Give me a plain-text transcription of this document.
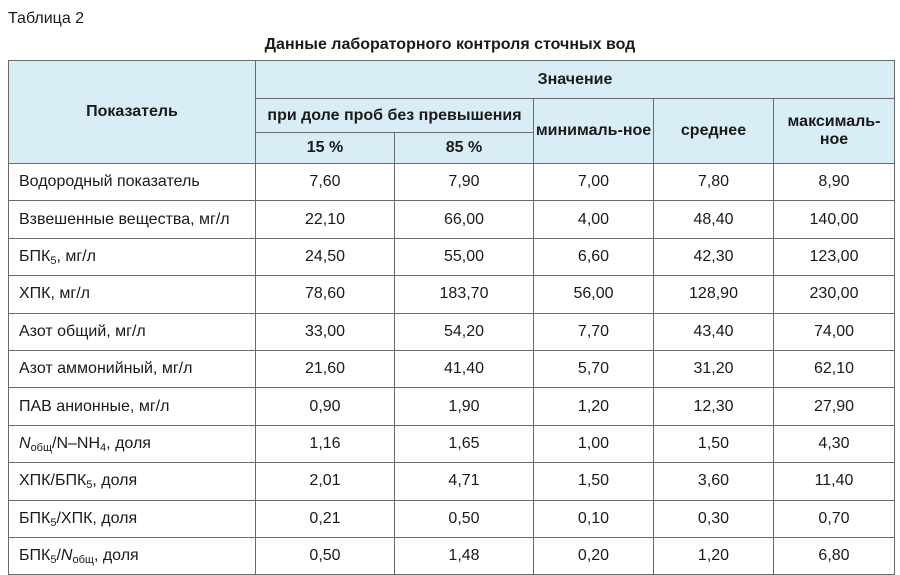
Таблица 2
Данные лабораторного контроля сточных вод
Показатель	Значение				
	при доле проб без превышения		минималь-ное	среднее	максималь-ное
	15 %	85 %			
Водородный показатель	7,60	7,90	7,00	7,80	8,90
Взвешенные вещества, мг/л	22,10	66,00	4,00	48,40	140,00
$БПК_5$, мг/л	24,50	55,00	6,60	42,30	123,00
ХПК, мг/л	78,60	183,70	56,00	128,90	230,00
Азот общий, мг/л	33,00	54,20	7,70	43,40	74,00
Азот аммонийный, мг/л	21,60	41,40	5,70	31,20	62,10
ПАВ анионные, мг/л	0,90	1,90	1,20	12,30	27,90
$N_{общ}/N-NH_4$, доля	1,16	1,65	1,00	1,50	4,30
ХПК/$БПК_5$, доля	2,01	4,71	1,50	3,60	11,40
$БПК_5$/ХПК, доля	0,21	0,50	0,10	0,30	0,70
$БПК_5/N_{общ}$, доля	0,50	1,48	0,20	1,20	6,80
